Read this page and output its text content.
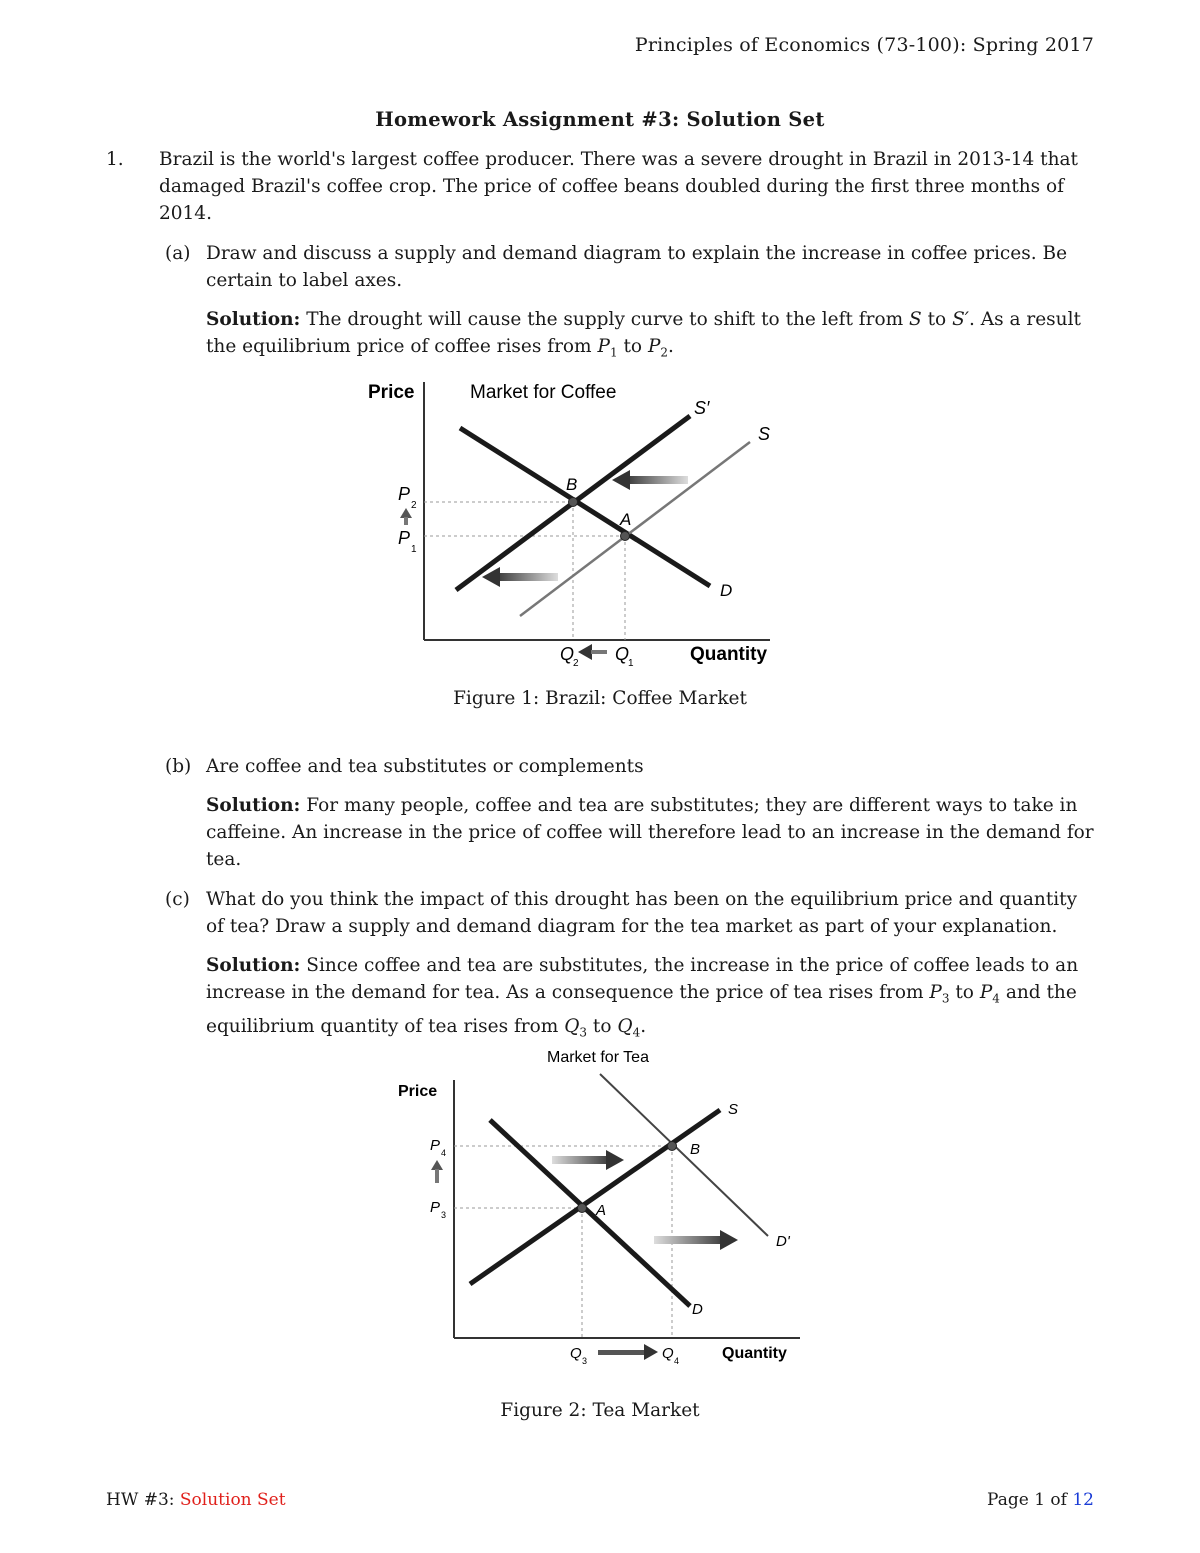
Principles of Economics (73-100): Spring 2017
Homework Assignment #3: Solution Set
1. Brazil is the world's largest coffee producer. There was a severe drought in Brazil in 2013-14 that damaged Brazil's coffee crop. The price of coffee beans doubled during the first three months of 2014.
(a) Draw and discuss a supply and demand diagram to explain the increase in coffee prices. Be certain to label axes.
Solution: The drought will cause the supply curve to shift to the left from S to S′. As a result the equilibrium price of coffee rises from $P_1$ to $P_2$.
Price	Market for Coffee
B
A
S′
S
D
P
2
P
1
Q
2 Q
1	Quantity
Figure 1: Brazil: Coffee Market
(b) Are coffee and tea substitutes or complements
Solution: For many people, coffee and tea are substitutes; they are different ways to take in caffeine. An increase in the price of coffee will therefore lead to an increase in the demand for tea.
(c) What do you think the impact of this drought has been on the equilibrium price and quantity of tea? Draw a supply and demand diagram for the tea market as part of your explanation.
Solution: Since coffee and tea are substitutes, the increase in the price of coffee leads to an increase in the demand for tea. As a consequence the price of tea rises from $P_3$ to $P_4$ and the equilibrium quantity of tea rises from $Q_3$ to $Q_4$.
Market for Tea
Price
A
B
S
D
D'
P 4
P 3
Q 3	Q 4	Quantity
Figure 2: Tea Market
HW #3: Solution Set	Page 1 of 12
